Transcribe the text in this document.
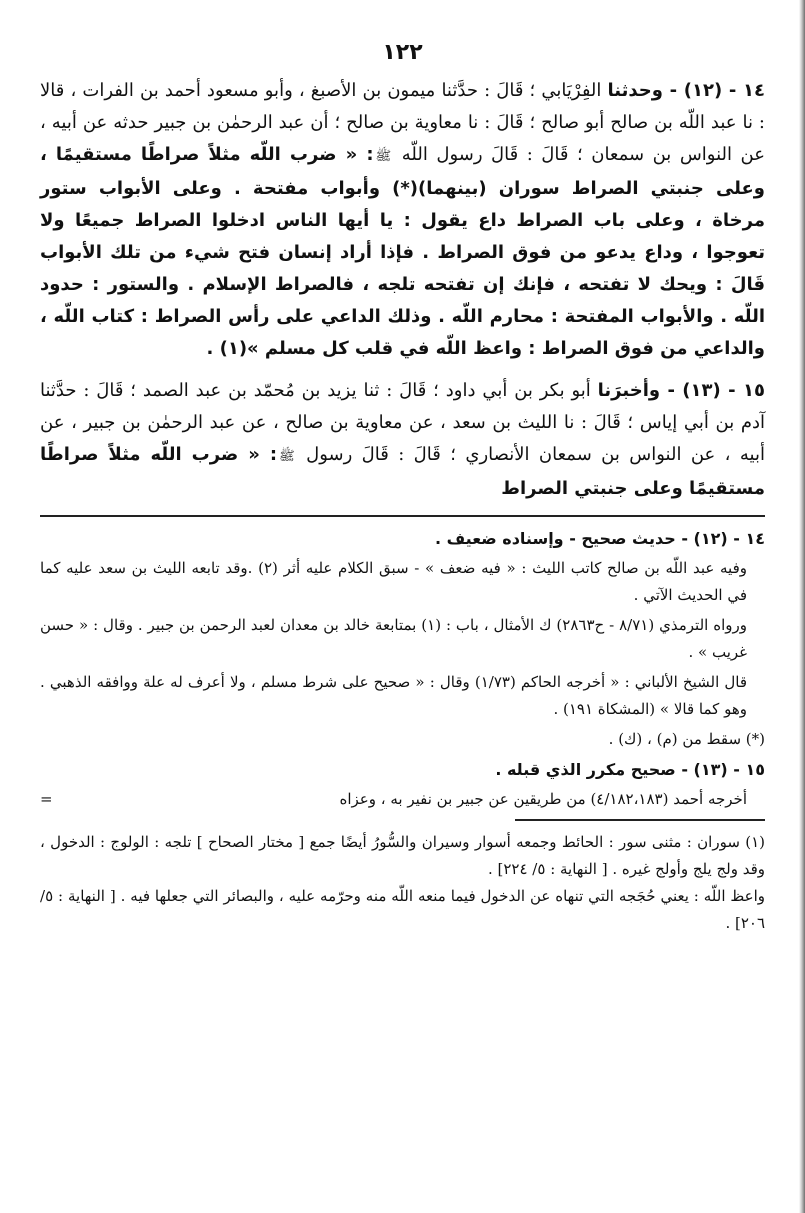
١٢٢

١٤ - (١٢) - وحدثنا الفِرْيَابي ؛ قَالَ : حدَّثنا ميمون بن الأصبغ ، وأبو مسعود أحمد بن الفرات ، قالا : نا عبد اللّه بن صالح أبو صالح ؛ قَالَ : نا معاوية بن صالح ؛ أن عبد الرحمٰن بن جبير حدثه عن أبيه ، عن النواس بن سمعان ؛ قَالَ : قَالَ رسول اللّه ﷺ: « ضرب اللّه مثلاً صراطًا مستقيمًا ، وعلى جنبتي الصراط سوران (بينهما)(*) وأبواب مفتحة . وعلى الأبواب ستور مرخاة ، وعلى باب الصراط داع يقول : يا أيها الناس ادخلوا الصراط جميعًا ولا تعوجوا ، وداع يدعو من فوق الصراط . فإذا أراد إنسان فتح شيء من تلك الأبواب قَالَ : ويحك لا تفتحه ، فإنك إن تفتحه تلجه ، فالصراط الإسلام . والستور : حدود اللّه . والأبواب المفتحة : محارم اللّه . وذلك الداعي على رأس الصراط : كتاب اللّه ، والداعي من فوق الصراط : واعظ اللّه في قلب كل مسلم »(١) .

١٥ - (١٣) - وأخبرَنا أبو بكر بن أبي داود ؛ قَالَ : ثنا يزيد بن مُحمّد بن عبد الصمد ؛ قَالَ : حدَّثنا آدم بن أبي إياس ؛ قَالَ : نا الليث بن سعد ، عن معاوية بن صالح ، عن عبد الرحمٰن بن جبير ، عن أبيه ، عن النواس بن سمعان الأنصاري ؛ قَالَ : قَالَ رسول ﷺ: « ضرب اللّه مثلاً صراطًا مستقيمًا وعلى جنبتي الصراط

١٤ - (١٢) - حديث صحيح - وإسناده ضعيف .

وفيه عبد اللّه بن صالح كاتب الليث : « فيه ضعف » - سبق الكلام عليه أثر (٢) .وقد تابعه الليث بن سعد عليه كما في الحديث الآتي .

ورواه الترمذي (٨/٧١ - ح٢٨٦٣) ك الأمثال ، باب : (١) بمتابعة خالد بن معدان لعبد الرحمن بن جبير . وقال : « حسن غريب » .

قال الشيخ الألباني : « أخرجه الحاكم (١/٧٣) وقال : « صحيح على شرط مسلم ، ولا أعرف له علة ووافقه الذهبي . وهو كما قالا » (المشكاة ١٩١) .

(*) سقط من (م) ، (ك) .

١٥ - (١٣) - صحيح مكرر الذي قبله .

أخرجه أحمد (٤/١٨٢،١٨٣) من طريقين عن جبير بن نفير به ، وعزاه
=

(١) سوران : مثنى سور : الحائط وجمعه أسوار وسيران والسُّورُ أيضًا جمع [ مختار الصحاح ] تلجه : الولوج : الدخول ، وقد ولج يلج وأولج غيره . [ النهاية : ٥/ ٢٢٤] .

واعظ اللّه : يعني حُجَجه التي تنهاه عن الدخول فيما منعه اللّه منه وحرّمه عليه ، والبصائر التي جعلها فيه . [ النهاية : ٥/ ٢٠٦] .
